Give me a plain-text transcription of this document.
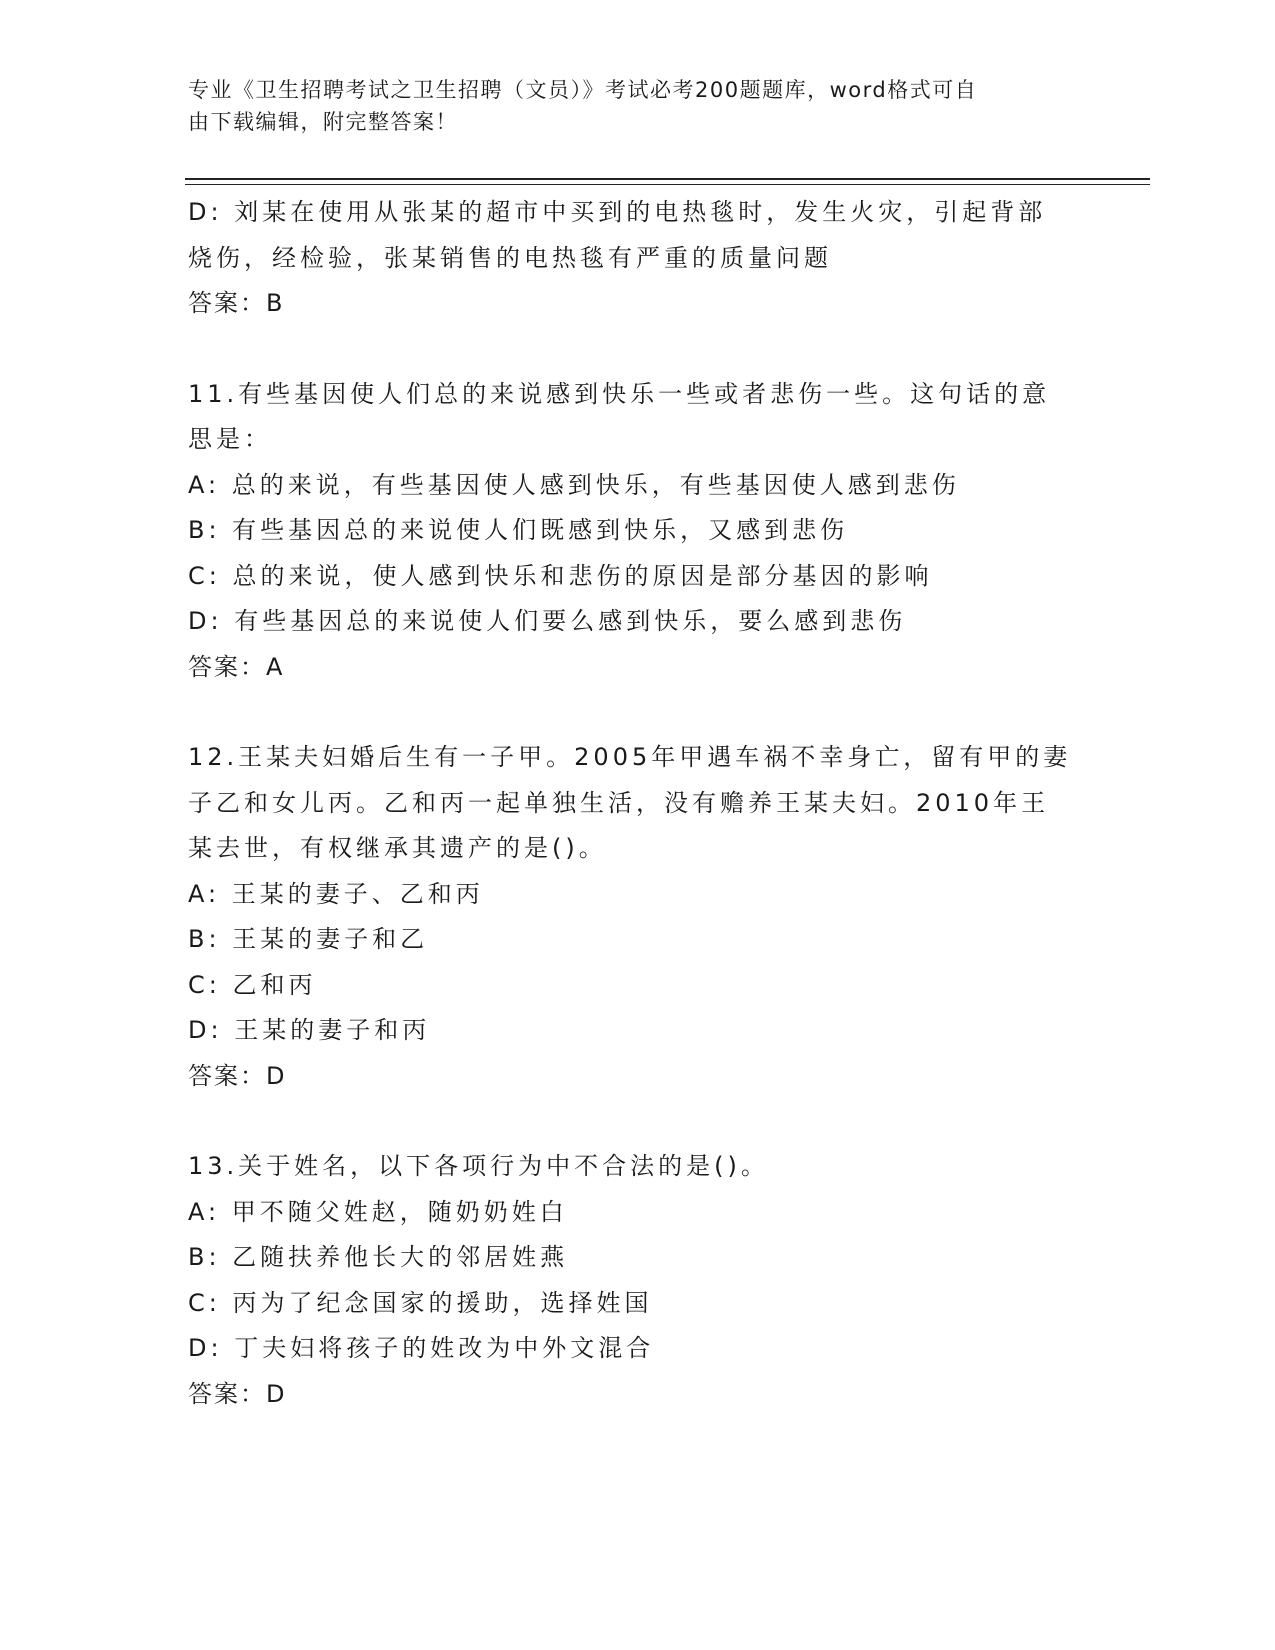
专业《卫生招聘考试之卫生招聘（文员）》考试必考200题题库，word格式可自
由下载编辑，附完整答案！
D: 刘某在使用从张某的超市中买到的电热毯时，发生火灾，引起背部
烧伤，经检验，张某销售的电热毯有严重的质量问题
答案：B
11.有些基因使人们总的来说感到快乐一些或者悲伤一些。这句话的意
思是：
A: 总的来说，有些基因使人感到快乐，有些基因使人感到悲伤
B: 有些基因总的来说使人们既感到快乐，又感到悲伤
C: 总的来说，使人感到快乐和悲伤的原因是部分基因的影响
D: 有些基因总的来说使人们要么感到快乐，要么感到悲伤
答案：A
12.王某夫妇婚后生有一子甲。2005年甲遇车祸不幸身亡，留有甲的妻
子乙和女儿丙。乙和丙一起单独生活，没有赡养王某夫妇。2010年王
某去世，有权继承其遗产的是()。
A: 王某的妻子、乙和丙
B: 王某的妻子和乙
C: 乙和丙
D: 王某的妻子和丙
答案：D
13.关于姓名，以下各项行为中不合法的是()。
A: 甲不随父姓赵，随奶奶姓白
B: 乙随扶养他长大的邻居姓燕
C: 丙为了纪念国家的援助，选择姓国
D: 丁夫妇将孩子的姓改为中外文混合
答案：D
